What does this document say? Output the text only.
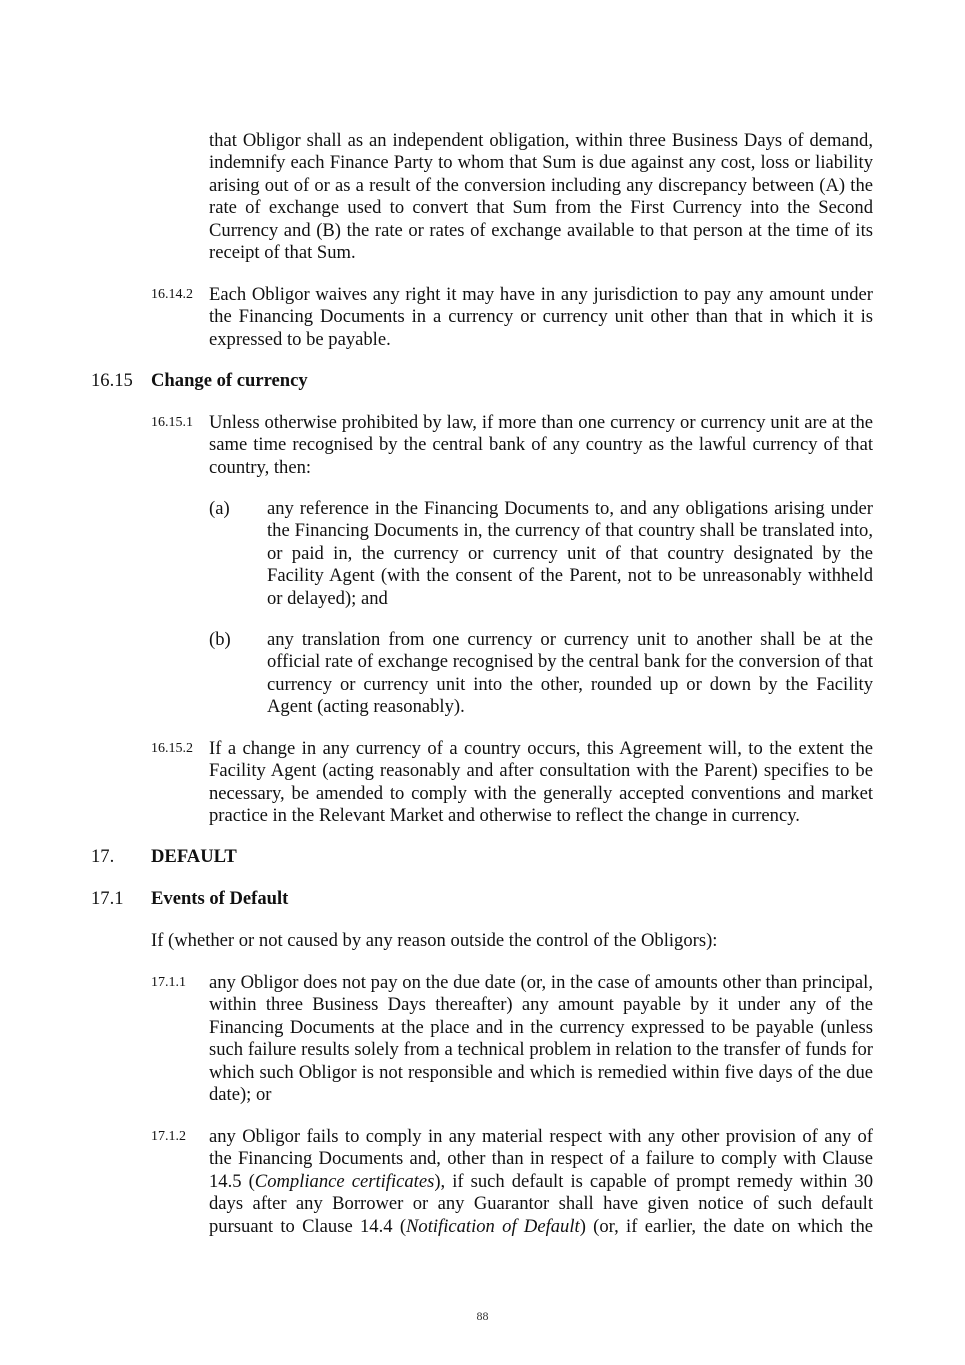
that Obligor shall as an independent obligation, within three Business Days of demand, indemnify each Finance Party to whom that Sum is due against any cost, loss or liability arising out of or as a result of the conversion including any discrepancy between (A) the rate of exchange used to convert that Sum from the First Currency into the Second Currency and (B) the rate or rates of exchange available to that person at the time of its receipt of that Sum.
16.14.2 Each Obligor waives any right it may have in any jurisdiction to pay any amount under the Financing Documents in a currency or currency unit other than that in which it is expressed to be payable.
16.15 Change of currency
16.15.1 Unless otherwise prohibited by law, if more than one currency or currency unit are at the same time recognised by the central bank of any country as the lawful currency of that country, then:
(a) any reference in the Financing Documents to, and any obligations arising under the Financing Documents in, the currency of that country shall be translated into, or paid in, the currency or currency unit of that country designated by the Facility Agent (with the consent of the Parent, not to be unreasonably withheld or delayed); and
(b) any translation from one currency or currency unit to another shall be at the official rate of exchange recognised by the central bank for the conversion of that currency or currency unit into the other, rounded up or down by the Facility Agent (acting reasonably).
16.15.2 If a change in any currency of a country occurs, this Agreement will, to the extent the Facility Agent (acting reasonably and after consultation with the Parent) specifies to be necessary, be amended to comply with the generally accepted conventions and market practice in the Relevant Market and otherwise to reflect the change in currency.
17. DEFAULT
17.1 Events of Default
If (whether or not caused by any reason outside the control of the Obligors):
17.1.1 any Obligor does not pay on the due date (or, in the case of amounts other than principal, within three Business Days thereafter) any amount payable by it under any of the Financing Documents at the place and in the currency expressed to be payable (unless such failure results solely from a technical problem in relation to the transfer of funds for which such Obligor is not responsible and which is remedied within five days of the due date); or
17.1.2 any Obligor fails to comply in any material respect with any other provision of any of the Financing Documents and, other than in respect of a failure to comply with Clause 14.5 (Compliance certificates), if such default is capable of prompt remedy within 30 days after any Borrower or any Guarantor shall have given notice of such default pursuant to Clause 14.4 (Notification of Default) (or, if earlier, the date on which the
88
